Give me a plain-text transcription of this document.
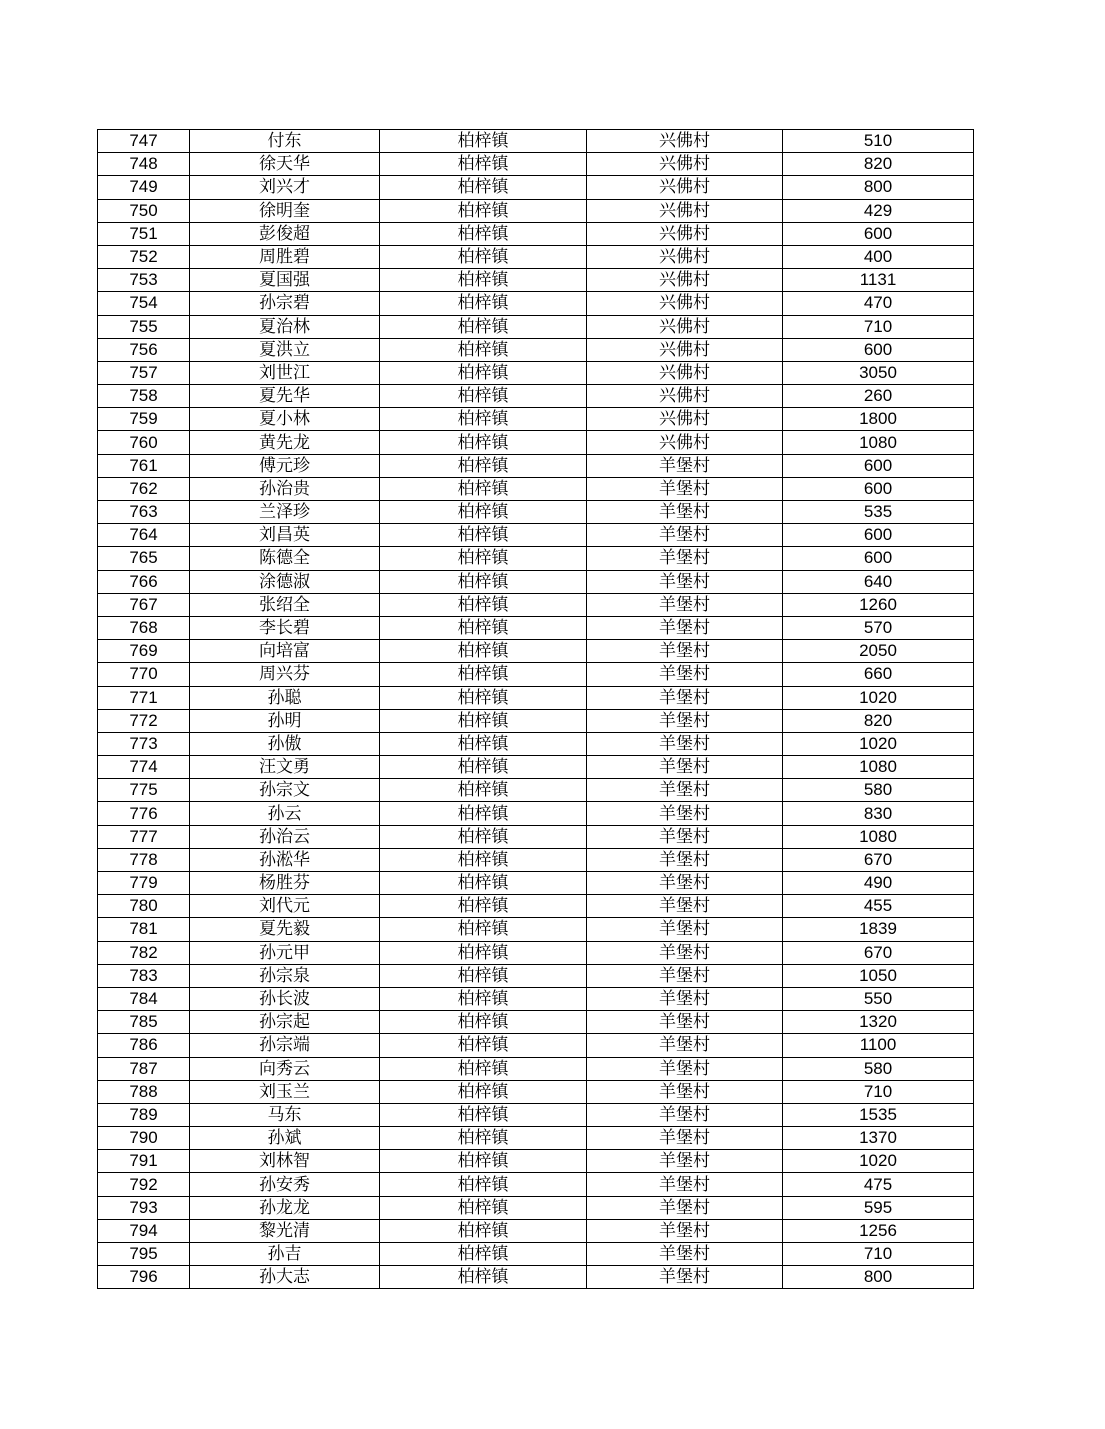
747	付东	柏梓镇	兴佛村	510
748	徐天华	柏梓镇	兴佛村	820
749	刘兴才	柏梓镇	兴佛村	800
750	徐明奎	柏梓镇	兴佛村	429
751	彭俊超	柏梓镇	兴佛村	600
752	周胜碧	柏梓镇	兴佛村	400
753	夏国强	柏梓镇	兴佛村	1131
754	孙宗碧	柏梓镇	兴佛村	470
755	夏治林	柏梓镇	兴佛村	710
756	夏洪立	柏梓镇	兴佛村	600
757	刘世江	柏梓镇	兴佛村	3050
758	夏先华	柏梓镇	兴佛村	260
759	夏小林	柏梓镇	兴佛村	1800
760	黄先龙	柏梓镇	兴佛村	1080
761	傅元珍	柏梓镇	羊堡村	600
762	孙治贵	柏梓镇	羊堡村	600
763	兰泽珍	柏梓镇	羊堡村	535
764	刘昌英	柏梓镇	羊堡村	600
765	陈德全	柏梓镇	羊堡村	600
766	涂德淑	柏梓镇	羊堡村	640
767	张绍全	柏梓镇	羊堡村	1260
768	李长碧	柏梓镇	羊堡村	570
769	向培富	柏梓镇	羊堡村	2050
770	周兴芬	柏梓镇	羊堡村	660
771	孙聪	柏梓镇	羊堡村	1020
772	孙明	柏梓镇	羊堡村	820
773	孙傲	柏梓镇	羊堡村	1020
774	汪文勇	柏梓镇	羊堡村	1080
775	孙宗文	柏梓镇	羊堡村	580
776	孙云	柏梓镇	羊堡村	830
777	孙治云	柏梓镇	羊堡村	1080
778	孙淞华	柏梓镇	羊堡村	670
779	杨胜芬	柏梓镇	羊堡村	490
780	刘代元	柏梓镇	羊堡村	455
781	夏先毅	柏梓镇	羊堡村	1839
782	孙元甲	柏梓镇	羊堡村	670
783	孙宗泉	柏梓镇	羊堡村	1050
784	孙长波	柏梓镇	羊堡村	550
785	孙宗起	柏梓镇	羊堡村	1320
786	孙宗端	柏梓镇	羊堡村	1100
787	向秀云	柏梓镇	羊堡村	580
788	刘玉兰	柏梓镇	羊堡村	710
789	马东	柏梓镇	羊堡村	1535
790	孙斌	柏梓镇	羊堡村	1370
791	刘林智	柏梓镇	羊堡村	1020
792	孙安秀	柏梓镇	羊堡村	475
793	孙龙龙	柏梓镇	羊堡村	595
794	黎光清	柏梓镇	羊堡村	1256
795	孙吉	柏梓镇	羊堡村	710
796	孙大志	柏梓镇	羊堡村	800
